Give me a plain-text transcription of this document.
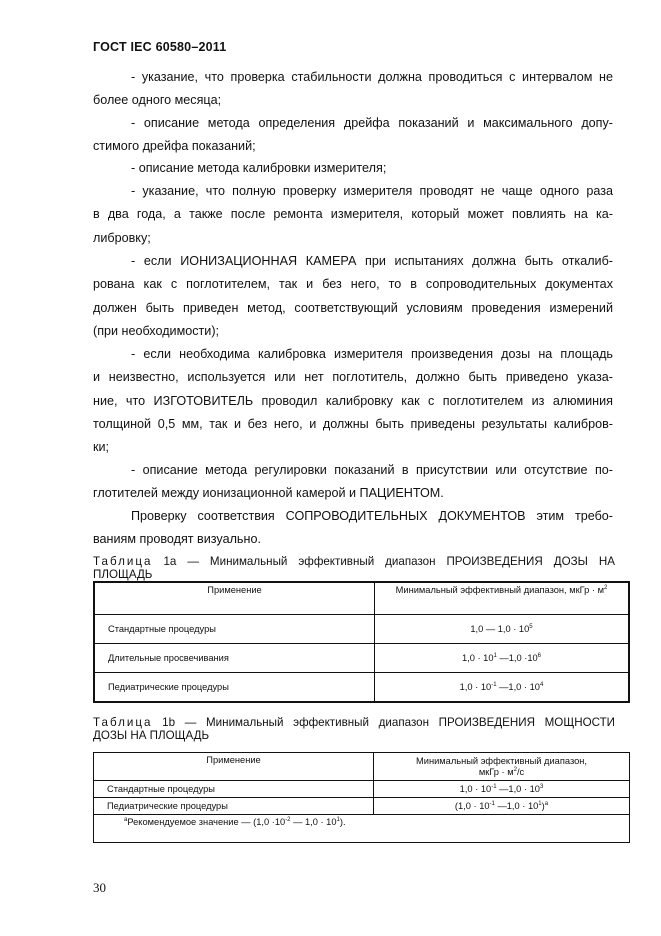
ГОСТ IEC 60580–2011
- указание, что проверка стабильности должна проводиться с интервалом не
более одного месяца;
- описание метода определения дрейфа показаний и максимального допу-
стимого дрейфа показаний;
- описание метода калибровки измерителя;
- указание, что полную проверку измерителя проводят не чаще одного раза
в два года, а также после ремонта измерителя, который может повлиять на ка-
либровку;
- если ИОНИЗАЦИОННАЯ КАМЕРА при испытаниях должна быть откалиб-
рована как с поглотителем, так и без него, то в сопроводительных документах
должен быть приведен метод, соответствующий условиям проведения измерений
(при необходимости);
- если необходима калибровка измерителя произведения дозы на площадь
и неизвестно, используется или нет поглотитель, должно быть приведено указа-
ние, что ИЗГОТОВИТЕЛЬ проводил калибровку как с поглотителем из алюминия
толщиной 0,5 мм, так и без него, и должны быть приведены результаты калибров-
ки;
- описание метода регулировки показаний в присутствии или отсутствие по-
глотителей между ионизационной камерой и ПАЦИЕНТОМ.
Проверку соответствия СОПРОВОДИТЕЛЬНЫХ ДОКУМЕНТОВ этим требо-
ваниям проводят визуально.
Таблица 1а — Минимальный эффективный диапазон ПРОИЗВЕДЕНИЯ ДОЗЫ НА
ПЛОЩАДЬ
Применение	Минимальный эффективный диапазон, мкГр · $м^2$
Стандартные процедуры	1,0 — $1,0 \cdot 10^5$
Длительные просвечивания	$1,0 \cdot 10^1$ —1,0 $\cdot 10^6$
Педиатрические процедуры	$1,0 \cdot 10^{-1}$ —1,0 · $10^4$
Таблица 1b — Минимальный эффективный диапазон ПРОИЗВЕДЕНИЯ МОЩНОСТИ
ДОЗЫ НА ПЛОЩАДЬ
Применение	Минимальный эффективный диапазон,
мкГр · $м^2/с$
Стандартные процедуры	$1,0 \cdot 10^{-1}$ —1,0 · $10^3$
Педиатрические процедуры	($1,0 \cdot 10^{-1}$ —1,0 · $10^1)^а$
$^а$Рекомендуемое значение — ($1,0 \cdot 10^{-2}$ — $1,0 \cdot 10^1$).	
30
